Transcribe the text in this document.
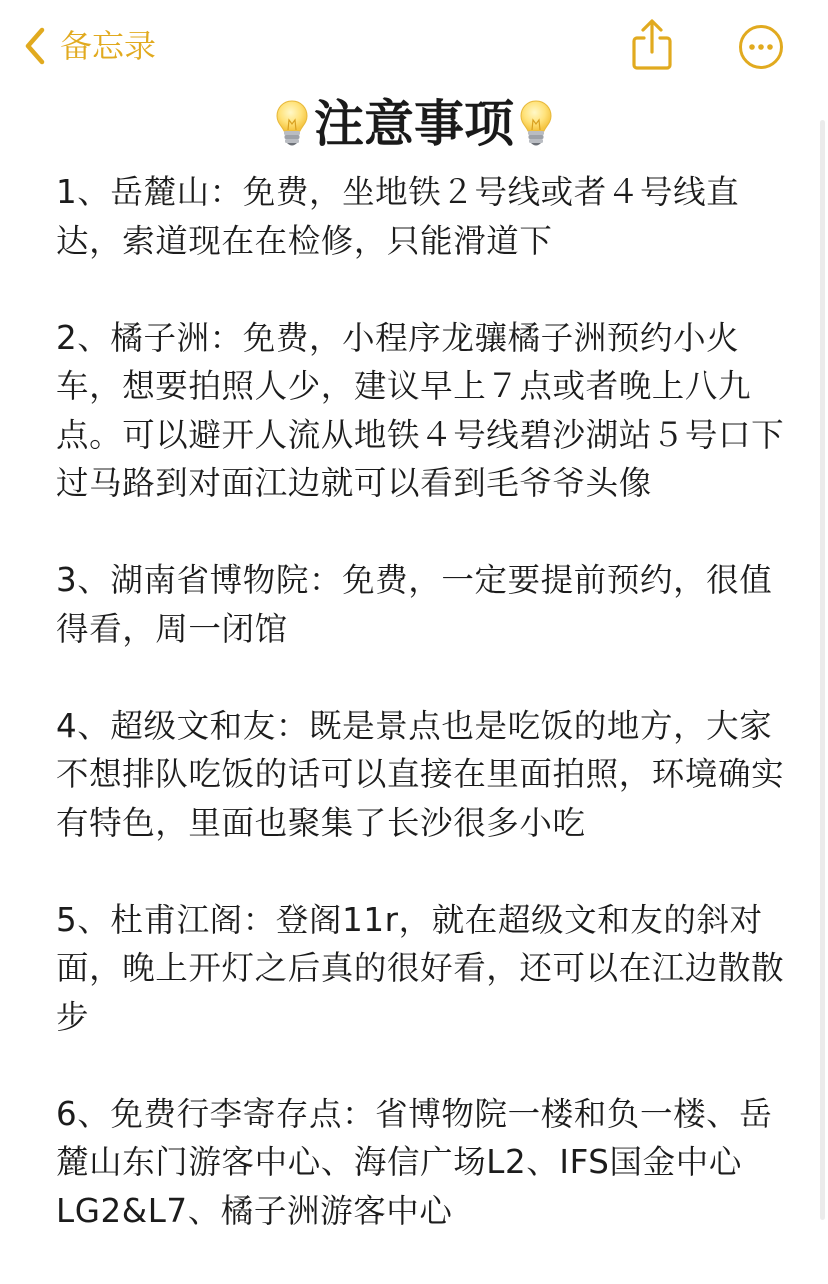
备忘录
注意事项

1、岳麓山：免费，坐地铁２号线或者４号线直达，索道现在在检修，只能滑道下

2、橘子洲：免费，小程序龙骧橘子洲预约小火车，想要拍照人少，建议早上７点或者晚上八九点。可以避开人流从地铁４号线碧沙湖站５号口下过马路到对面江边就可以看到毛爷爷头像

3、湖南省博物院：免费，一定要提前预约，很值得看，周一闭馆

4、超级文和友：既是景点也是吃饭的地方，大家不想排队吃饭的话可以直接在里面拍照，环境确实有特色，里面也聚集了长沙很多小吃

5、杜甫江阁：登阁11r，就在超级文和友的斜对面，晚上开灯之后真的很好看，还可以在江边散散步

6、免费行李寄存点：省博物院一楼和负一楼、岳麓山东门游客中心、海信广场L2、IFS国金中心LG2&L7、橘子洲游客中心
